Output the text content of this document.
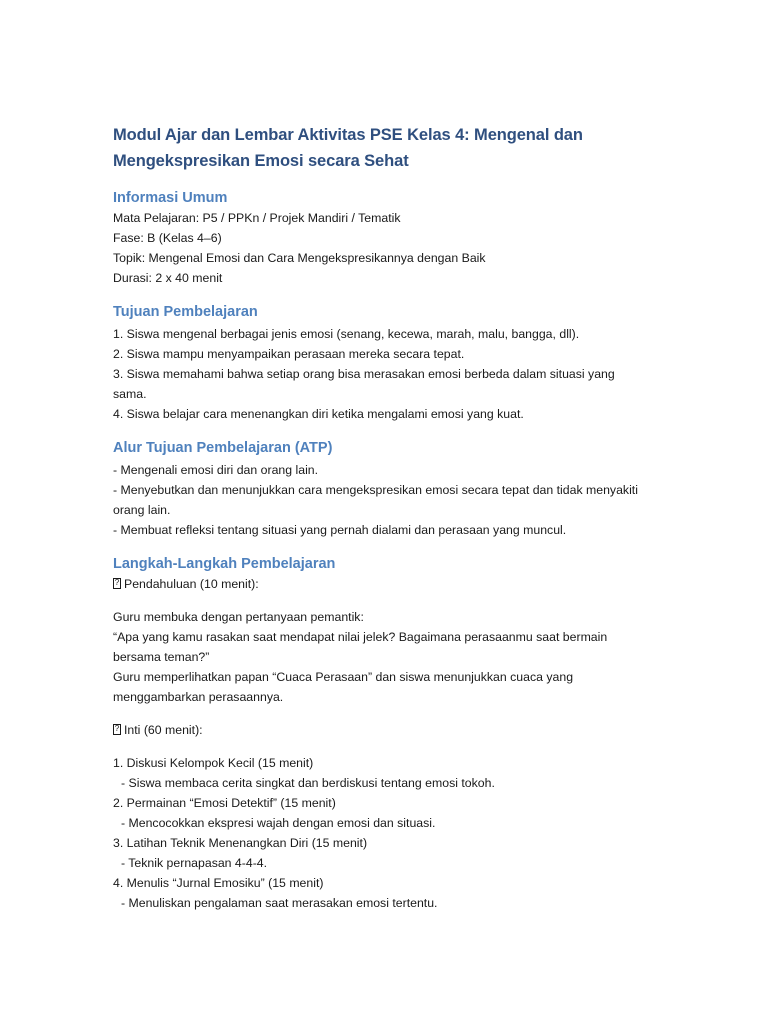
Modul Ajar dan Lembar Aktivitas PSE Kelas 4: Mengenal dan
Mengekspresikan Emosi secara Sehat
Informasi Umum

Mata Pelajaran: P5 / PPKn / Projek Mandiri / Tematik

Fase: B (Kelas 4–6)

Topik: Mengenal Emosi dan Cara Mengekspresikannya dengan Baik

Durasi: 2 x 40 menit

Tujuan Pembelajaran

1. Siswa mengenal berbagai jenis emosi (senang, kecewa, marah, malu, bangga, dll).

2. Siswa mampu menyampaikan perasaan mereka secara tepat.

3. Siswa memahami bahwa setiap orang bisa merasakan emosi berbeda dalam situasi yang

sama.

4. Siswa belajar cara menenangkan diri ketika mengalami emosi yang kuat.

Alur Tujuan Pembelajaran (ATP)

- Mengenali emosi diri dan orang lain.

- Menyebutkan dan menunjukkan cara mengekspresikan emosi secara tepat dan tidak menyakiti

orang lain.

- Membuat refleksi tentang situasi yang pernah dialami dan perasaan yang muncul.

Langkah-Langkah Pembelajaran

?Pendahuluan (10 menit):

Guru membuka dengan pertanyaan pemantik:

“Apa yang kamu rasakan saat mendapat nilai jelek? Bagaimana perasaanmu saat bermain

bersama teman?”

Guru memperlihatkan papan “Cuaca Perasaan” dan siswa menunjukkan cuaca yang

menggambarkan perasaannya.

?Inti (60 menit):

1. Diskusi Kelompok Kecil (15 menit)

- Siswa membaca cerita singkat dan berdiskusi tentang emosi tokoh.

2. Permainan “Emosi Detektif” (15 menit)

- Mencocokkan ekspresi wajah dengan emosi dan situasi.

3. Latihan Teknik Menenangkan Diri (15 menit)

- Teknik pernapasan 4-4-4.

4. Menulis “Jurnal Emosiku” (15 menit)

- Menuliskan pengalaman saat merasakan emosi tertentu.
